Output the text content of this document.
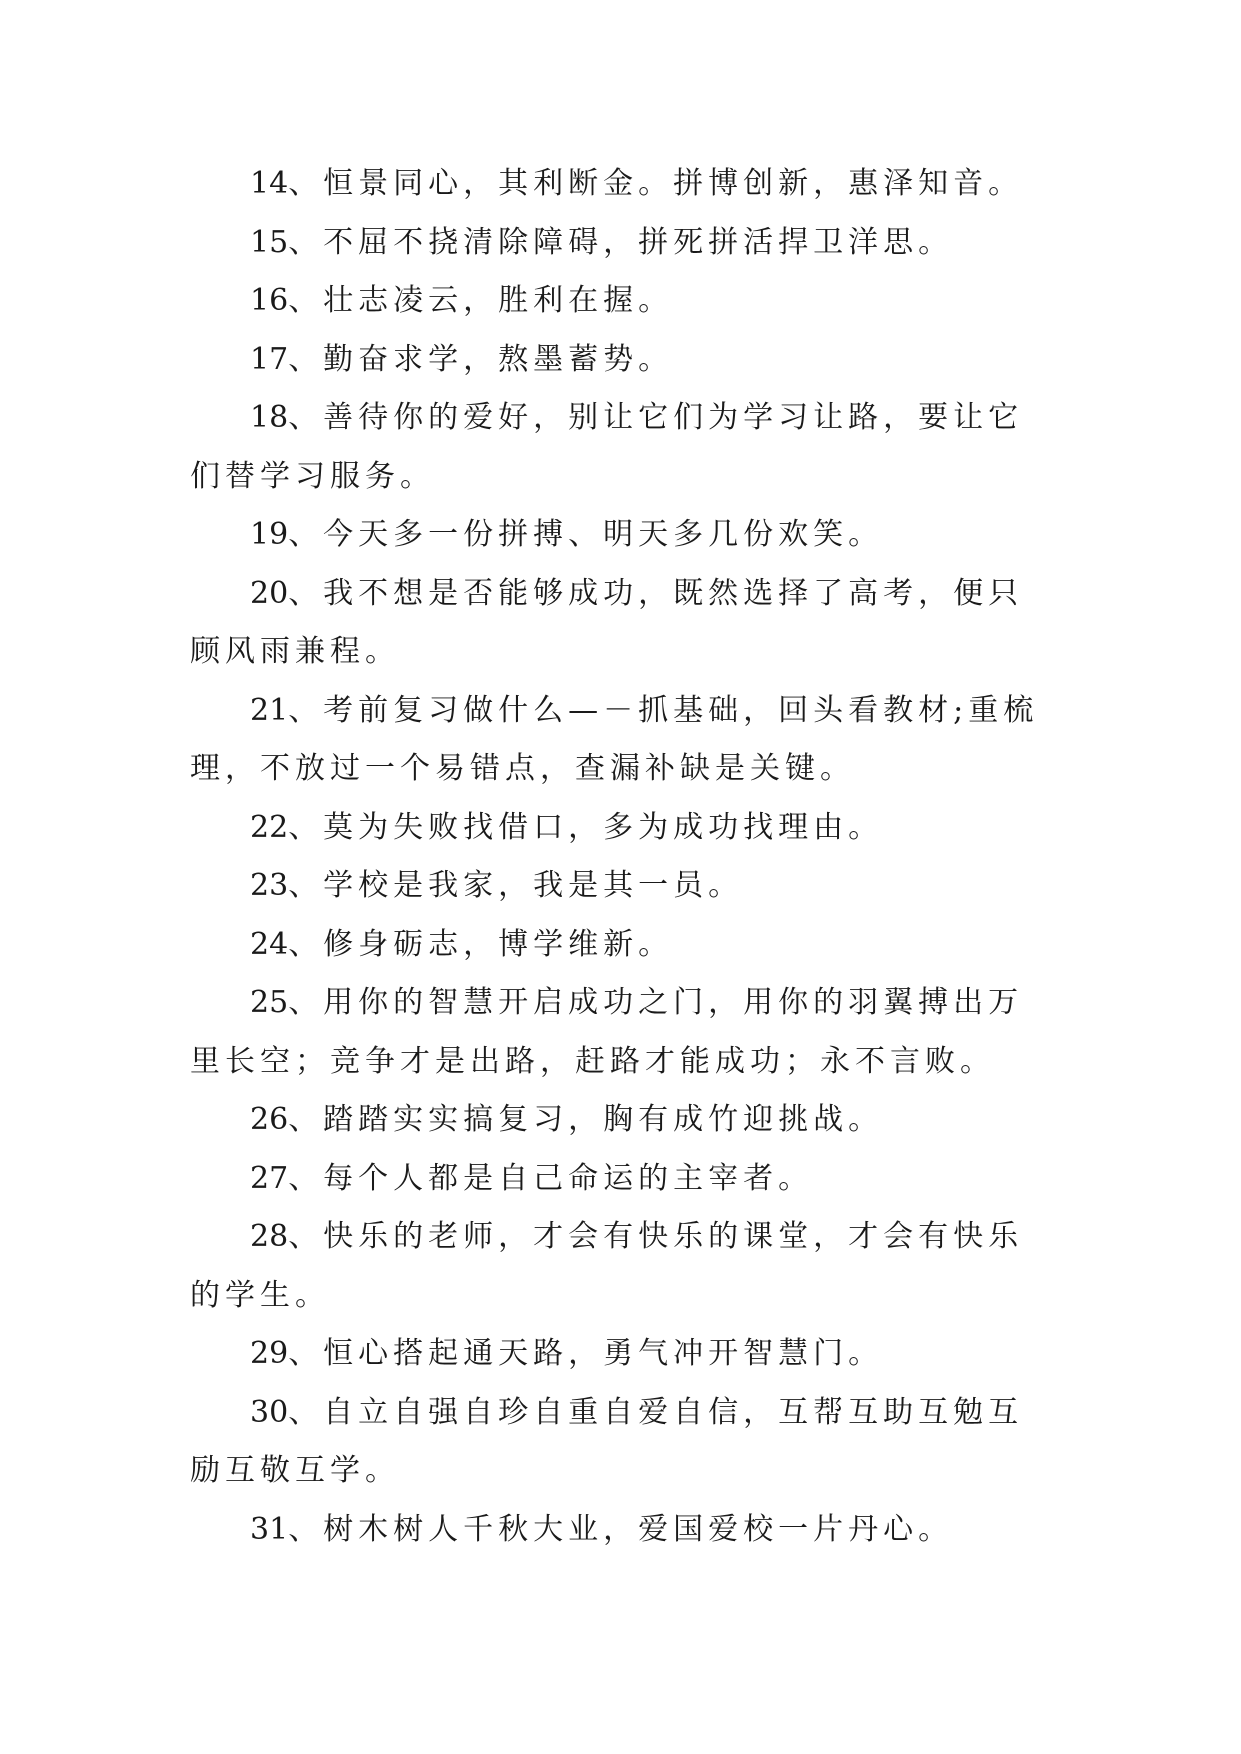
14、恒景同心，其利断金。拼博创新，惠泽知音。

15、不屈不挠清除障碍，拼死拼活捍卫洋思。

16、壮志凌云，胜利在握。

17、勤奋求学，熬墨蓄势。

18、善待你的爱好，别让它们为学习让路，要让它们替学习服务。

19、今天多一份拼搏、明天多几份欢笑。

20、我不想是否能够成功，既然选择了高考，便只顾风雨兼程。

21、考前复习做什么—－抓基础，回头看教材;重梳理，不放过一个易错点，查漏补缺是关键。

22、莫为失败找借口，多为成功找理由。

23、学校是我家，我是其一员。

24、修身砺志，博学维新。

25、用你的智慧开启成功之门，用你的羽翼搏出万里长空；竞争才是出路，赶路才能成功；永不言败。

26、踏踏实实搞复习，胸有成竹迎挑战。

27、每个人都是自己命运的主宰者。

28、快乐的老师，才会有快乐的课堂，才会有快乐的学生。

29、恒心搭起通天路，勇气冲开智慧门。

30、自立自强自珍自重自爱自信，互帮互助互勉互励互敬互学。

31、树木树人千秋大业，爱国爱校一片丹心。
